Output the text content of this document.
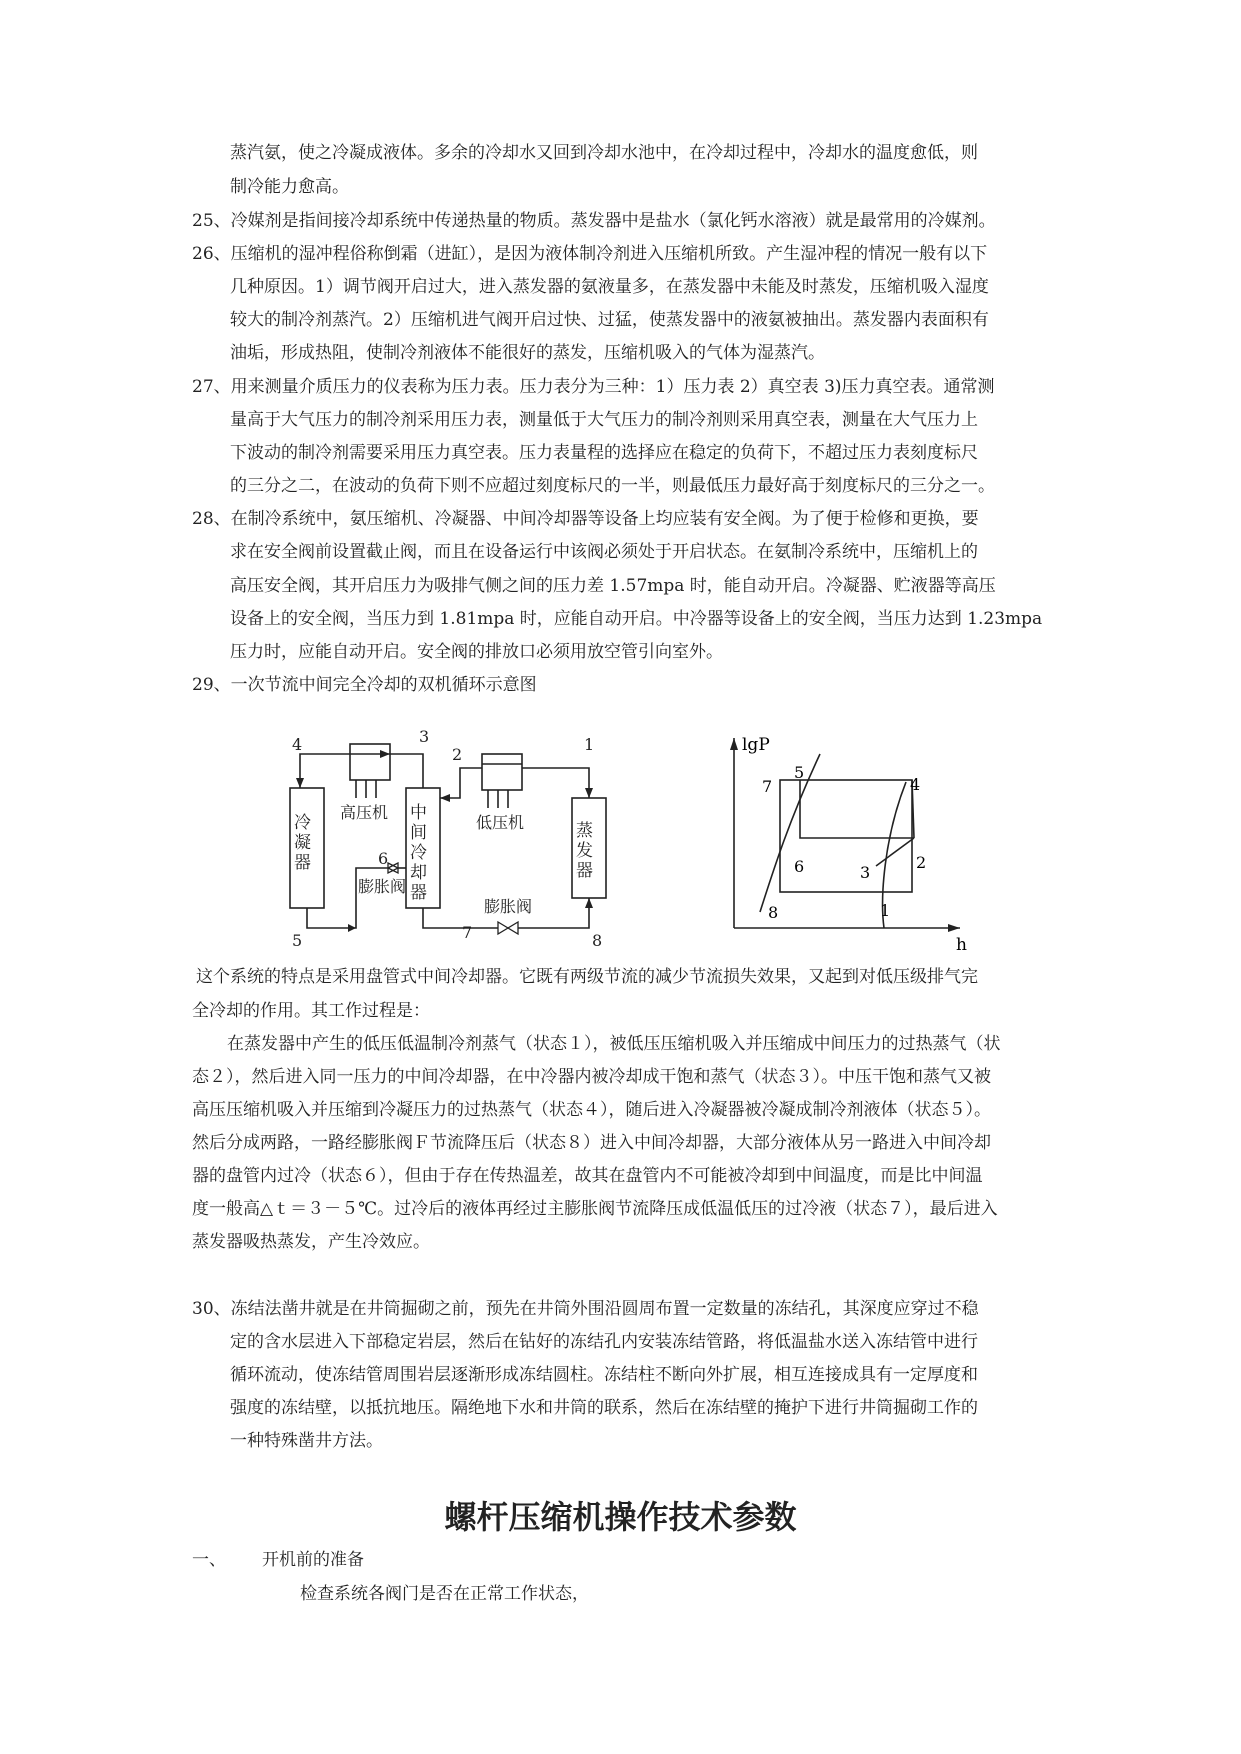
蒸汽氨，使之冷凝成液体。多余的冷却水又回到冷却水池中，在冷却过程中，冷却水的温度愈低，则
制冷能力愈高。
25、冷媒剂是指间接冷却系统中传递热量的物质。蒸发器中是盐水（氯化钙水溶液）就是最常用的冷媒剂。
26、压缩机的湿冲程俗称倒霜（进缸），是因为液体制冷剂进入压缩机所致。产生湿冲程的情况一般有以下
几种原因。1）调节阀开启过大，进入蒸发器的氨液量多，在蒸发器中未能及时蒸发，压缩机吸入湿度
较大的制冷剂蒸汽。2）压缩机进气阀开启过快、过猛，使蒸发器中的液氨被抽出。蒸发器内表面积有
油垢，形成热阻，使制冷剂液体不能很好的蒸发，压缩机吸入的气体为湿蒸汽。
27、用来测量介质压力的仪表称为压力表。压力表分为三种：1）压力表 2）真空表 3)压力真空表。通常测
量高于大气压力的制冷剂采用压力表，测量低于大气压力的制冷剂则采用真空表，测量在大气压力上
下波动的制冷剂需要采用压力真空表。压力表量程的选择应在稳定的负荷下，不超过压力表刻度标尺
的三分之二，在波动的负荷下则不应超过刻度标尺的一半，则最低压力最好高于刻度标尺的三分之一。
28、在制冷系统中，氨压缩机、冷凝器、中间冷却器等设备上均应装有安全阀。为了便于检修和更换，要
求在安全阀前设置截止阀，而且在设备运行中该阀必须处于开启状态。在氨制冷系统中，压缩机上的
高压安全阀，其开启压力为吸排气侧之间的压力差 1.57mpa 时，能自动开启。冷凝器、贮液器等高压
设备上的安全阀，当压力到 1.81mpa 时，应能自动开启。中冷器等设备上的安全阀，当压力达到 1.23mpa
压力时，应能自动开启。安全阀的排放口必须用放空管引向室外。
29、一次节流中间完全冷却的双机循环示意图
这个系统的特点是采用盘管式中间冷却器。它既有两级节流的减少节流损失效果，又起到对低压级排气完
全冷却的作用。其工作过程是：
在蒸发器中产生的低压低温制冷剂蒸气（状态１），被低压压缩机吸入并压缩成中间压力的过热蒸气（状
态２），然后进入同一压力的中间冷却器，在中冷器内被冷却成干饱和蒸气（状态３）。中压干饱和蒸气又被
高压压缩机吸入并压缩到冷凝压力的过热蒸气（状态４），随后进入冷凝器被冷凝成制冷剂液体（状态５）。
然后分成两路，一路经膨胀阀Ｆ节流降压后（状态８）进入中间冷却器，大部分液体从另一路进入中间冷却
器的盘管内过冷（状态６），但由于存在传热温差，故其在盘管内不可能被冷却到中间温度，而是比中间温
度一般高△ｔ＝３－５℃。过冷后的液体再经过主膨胀阀节流降压成低温低压的过冷液（状态７），最后进入
蒸发器吸热蒸发，产生冷效应。
30、冻结法凿井就是在井筒掘砌之前，预先在井筒外围沿圆周布置一定数量的冻结孔，其深度应穿过不稳
定的含水层进入下部稳定岩层，然后在钻好的冻结孔内安装冻结管路，将低温盐水送入冻结管中进行
循环流动，使冻结管周围岩层逐渐形成冻结圆柱。冻结柱不断向外扩展，相互连接成具有一定厚度和
强度的冻结壁，以抵抗地压。隔绝地下水和井筒的联系，然后在冻结壁的掩护下进行井筒掘砌工作的
一种特殊凿井方法。
冷凝器
中间冷却器
蒸发器
高压机
低压机
膨胀阀
膨胀阀
1
2
3
4
5
6
7	8
lgP
h
1
2
3
4
5
6
7
8
螺杆压缩机操作技术参数
一、 开机前的准备
检查系统各阀门是否在正常工作状态，
